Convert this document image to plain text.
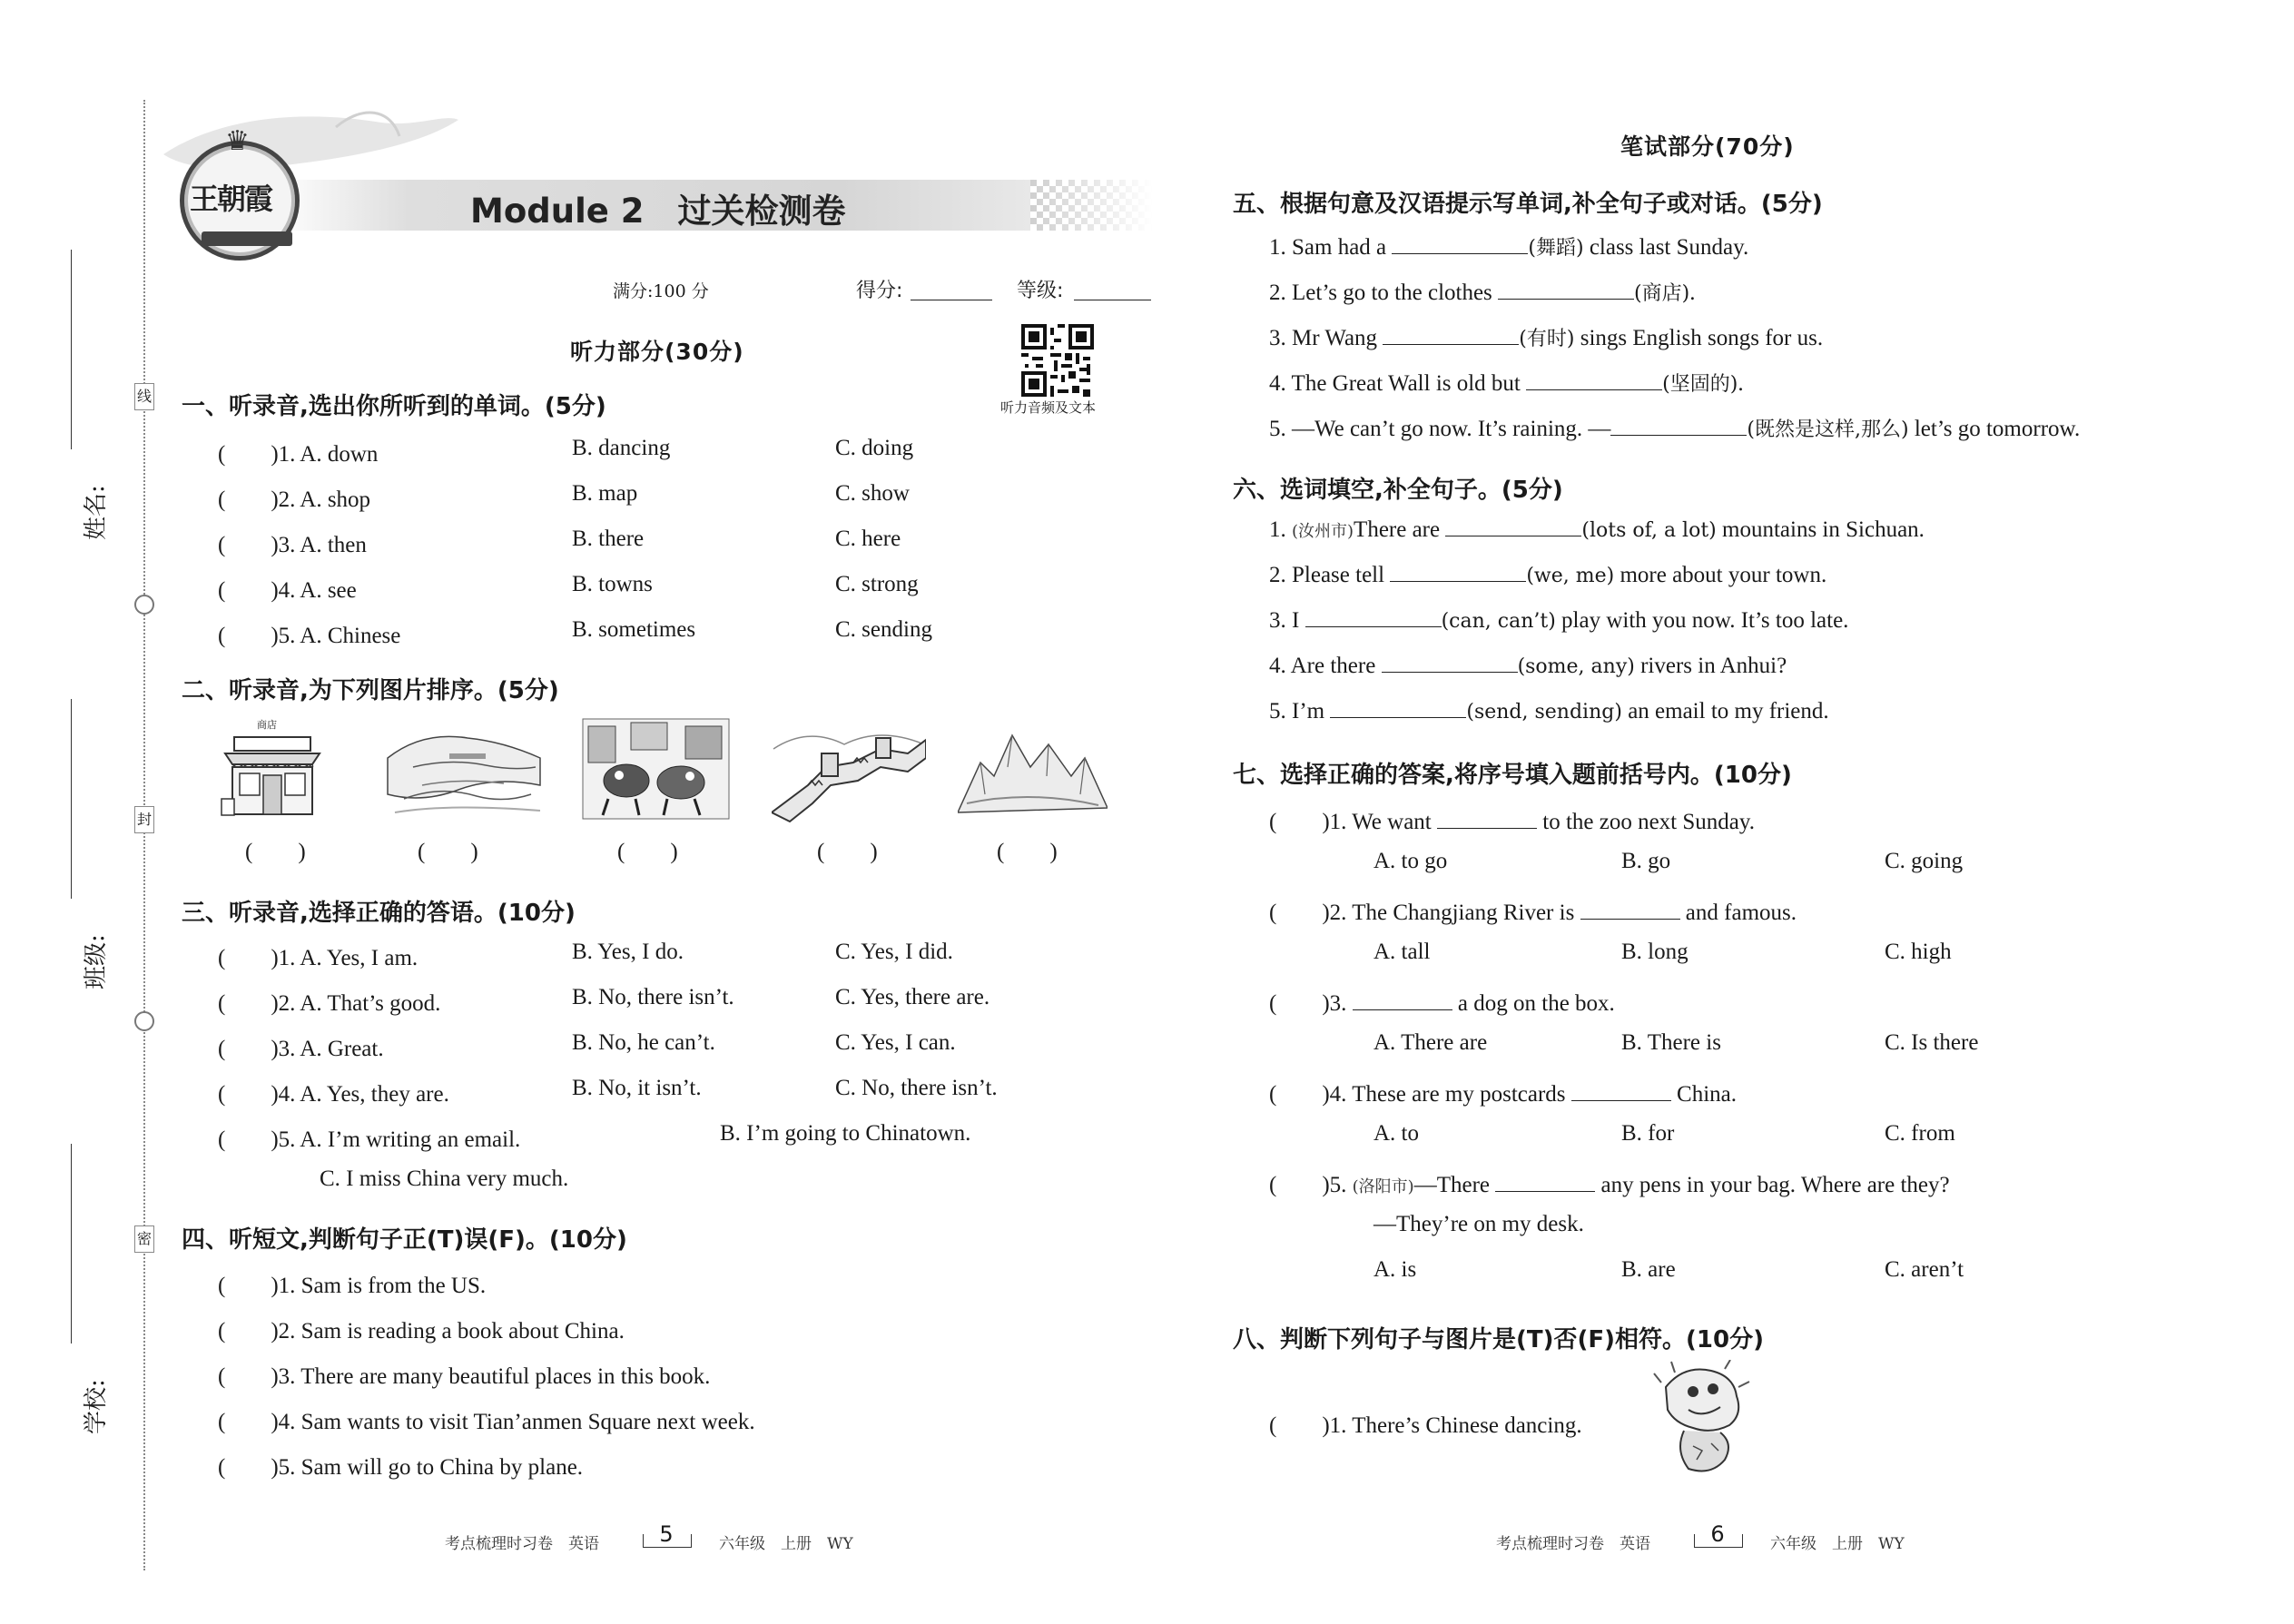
线
封
密
姓名:
班级:
学校:
♛
王朝霞	Module 2　过关检测卷
满分:100 分	得分:	等级:
听力音频及文本
听力部分(30分)
一、听录音,选出你所听到的单词。(5分)
(　　)1. A. down	B. dancing	C. doing
(　　)2. A. shop	B. map	C. show
(　　)3. A. then	B. there	C. here
(　　)4. A. see	B. towns	C. strong
(　　)5. A. Chinese	B. sometimes	C. sending
二、听录音,为下列图片排序。(5分)
商店
(　　)	(　　)	(　　)	(　　)	(　　)
三、听录音,选择正确的答语。(10分)
(　　)1. A. Yes, I am.	B. Yes, I do.	C. Yes, I did.
(　　)2. A. That’s good.	B. No, there isn’t.	C. Yes, there are.
(　　)3. A. Great.	B. No, he can’t.	C. Yes, I can.
(　　)4. A. Yes, they are.	B. No, it isn’t.	C. No, there isn’t.
(　　)5. A. I’m writing an email.	B. I’m going to Chinatown.
C. I miss China very much.
四、听短文,判断句子正(T)误(F)。(10分)
(　　)1. Sam is from the US.
(　　)2. Sam is reading a book about China.
(　　)3. There are many beautiful places in this book.
(　　)4. Sam wants to visit Tian’anmen Square next week.
(　　)5. Sam will go to China by plane.
考点梳理时习卷　英语	5	六年级　上册　WY
笔试部分(70分)
五、根据句意及汉语提示写单词,补全句子或对话。(5分)
1. Sam had a	(舞蹈) class last Sunday.
2. Let’s go to the clothes	(商店).
3. Mr Wang	(有时) sings English songs for us.
4. The Great Wall is old but	(坚固的).
5. —We can’t go now. It’s raining. —	(既然是这样,那么) let’s go tomorrow.
六、选词填空,补全句子。(5分)
1. (汝州市)There are	(lots of, a lot) mountains in Sichuan.
2. Please tell	(we, me) more about your town.
3. I	(can, can’t) play with you now. It’s too late.
4. Are there	(some, any) rivers in Anhui?
5. I’m	(send, sending) an email to my friend.
七、选择正确的答案,将序号填入题前括号内。(10分)
(　　)1. We want	to the zoo next Sunday.
A. to go	B. go	C. going
(　　)2. The Changjiang River is	and famous.
A. tall	B. long	C. high
(　　)3.	a dog on the box.
A. There are	B. There is	C. Is there
(　　)4. These are my postcards	China.
A. to	B. for	C. from
(　　)5. (洛阳市)—There	any pens in your bag. Where are they?
—They’re on my desk.
A. is	B. are	C. aren’t
八、判断下列句子与图片是(T)否(F)相符。(10分)
(　　)1. There’s Chinese dancing.
考点梳理时习卷　英语	6	六年级　上册　WY
